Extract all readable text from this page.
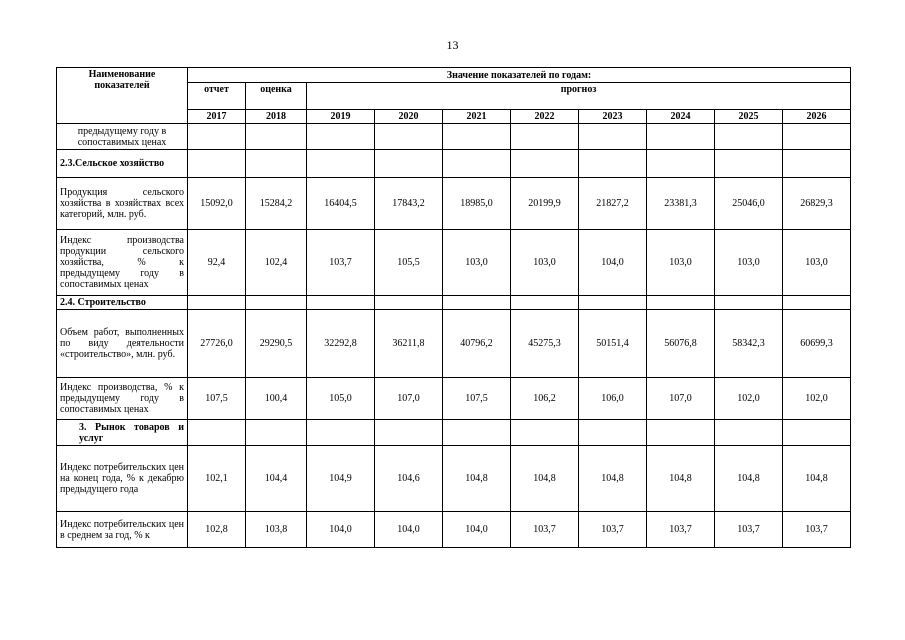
13
Наименование показателей	Значение показателей по годам:									
	отчет	оценка	прогноз							
	2017	2018	2019	2020	2021	2022	2023	2024	2025	2026
предыдущему году в сопоставимых ценах										
2.3.Сельское хозяйство										
Продукция сельского хозяйства в хозяйствах всех категорий, млн. руб.	15092,0	15284,2	16404,5	17843,2	18985,0	20199,9	21827,2	23381,3	25046,0	26829,3
Индекс производства продукции сельского хозяйства, % к предыдущему году в сопоставимых ценах	92,4	102,4	103,7	105,5	103,0	103,0	104,0	103,0	103,0	103,0
2.4. Строительство										
Объем работ, выполненных по виду деятельности «строительство», млн. руб.	27726,0	29290,5	32292,8	36211,8	40796,2	45275,3	50151,4	56076,8	58342,3	60699,3
Индекс производства, % к предыдущему году в сопоставимых ценах	107,5	100,4	105,0	107,0	107,5	106,2	106,0	107,0	102,0	102,0
3. Рынок товаров и услуг										
Индекс потребительских цен на конец года, % к декабрю предыдущего года	102,1	104,4	104,9	104,6	104,8	104,8	104,8	104,8	104,8	104,8
Индекс потребительских цен в среднем за год, % к	102,8	103,8	104,0	104,0	104,0	103,7	103,7	103,7	103,7	103,7
